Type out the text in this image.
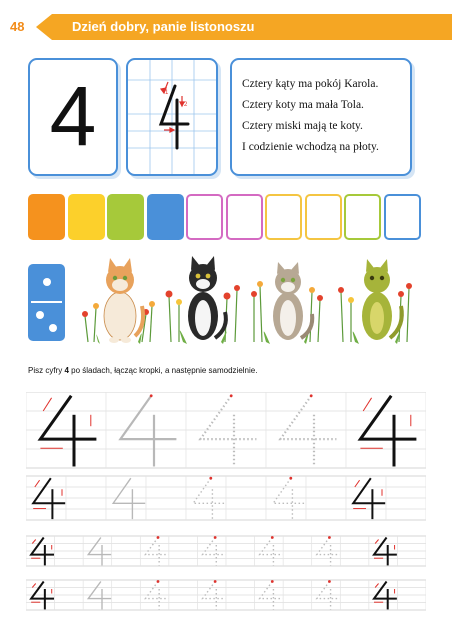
48	Dzień dobry, panie listonoszu
4	1
2

Cztery kąty ma pokój Karola.

Cztery koty ma mała Tola.

Cztery miski mają te koty.

I codzienie wchodzą na płoty.

Pisz cyfry 4 po śladach, łącząc kropki, a następnie samodzielnie.
